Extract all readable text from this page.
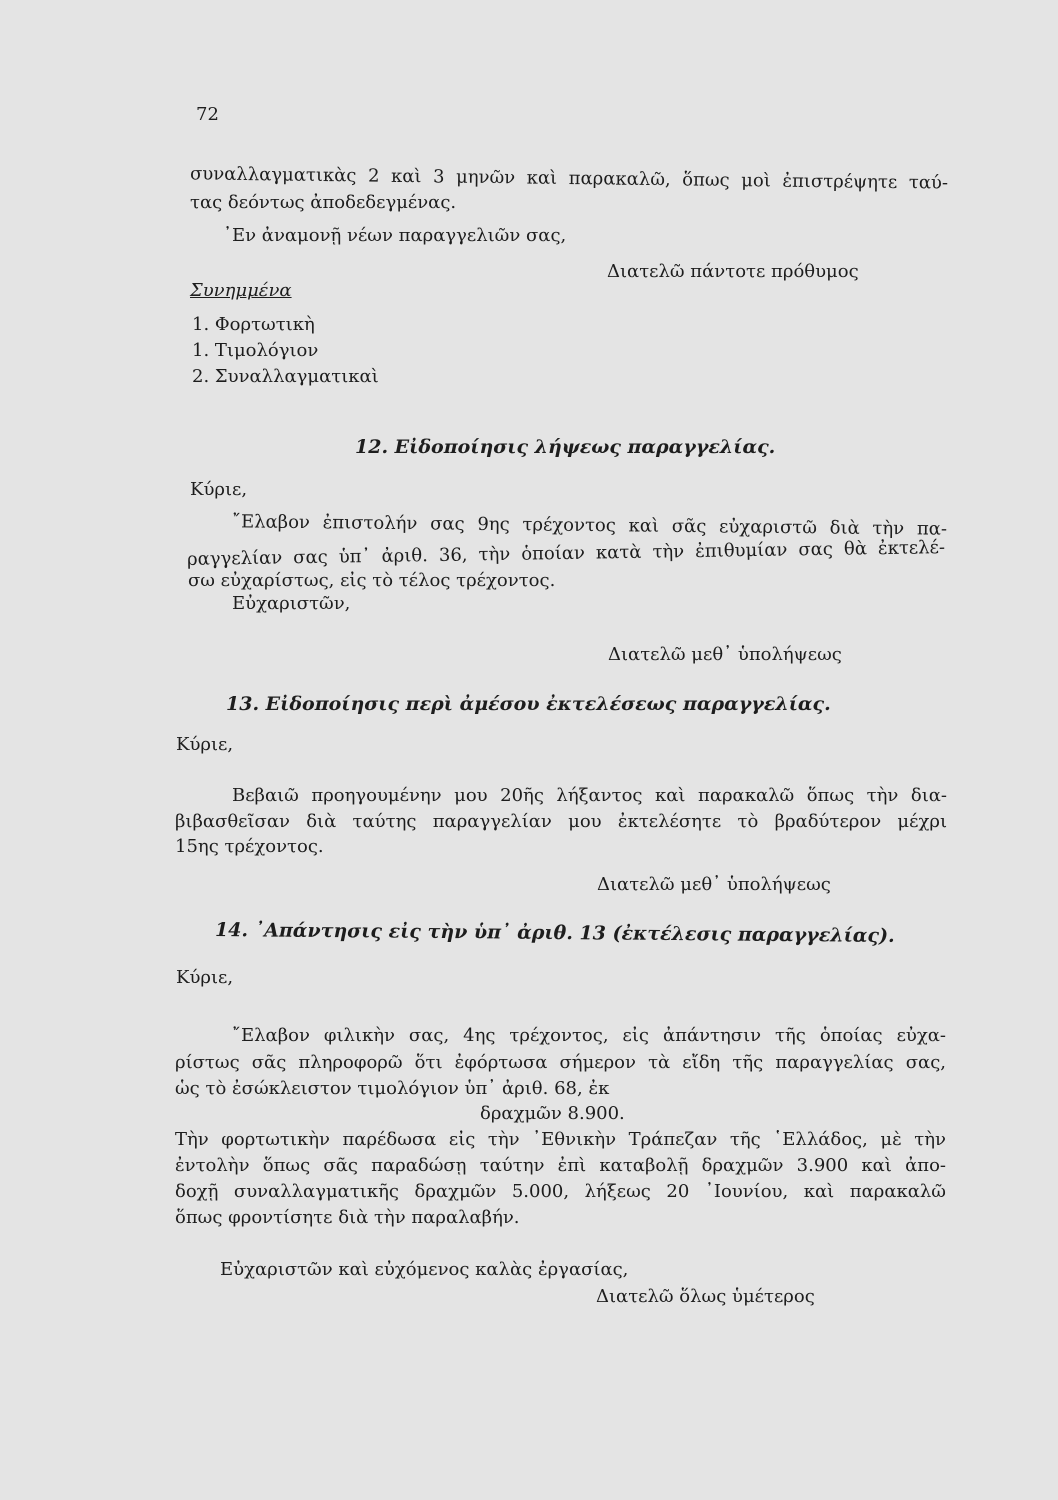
72
συναλλαγματικὰς 2 καὶ 3 μηνῶν καὶ παρακαλῶ, ὅπως μοὶ ἐπιστρέψητε ταύ-
τας δεόντως ἀποδεδεγμένας.
᾿Εν ἀναμονῇ νέων παραγγελιῶν σας,
Διατελῶ πάντοτε πρόθυμος
Συνημμένα
1. Φορτωτικὴ
1. Τιμολόγιον
2. Συναλλαγματικαὶ
12. Εἰδοποίησις λήψεως παραγγελίας.
Κύριε,
῎Ελαβον ἐπιστολήν σας 9ης τρέχοντος καὶ σᾶς εὐχαριστῶ διὰ τὴν πα-
ραγγελίαν σας ὑπ᾿ ἀριθ. 36, τὴν ὁποίαν κατὰ τὴν ἐπιθυμίαν σας θὰ ἐκτελέ-
σω εὐχαρίστως, εἰς τὸ τέλος τρέχοντος.
Εὐχαριστῶν,
Διατελῶ μεθ᾿ ὑπολήψεως
13. Εἰδοποίησις περὶ ἀμέσου ἐκτελέσεως παραγγελίας.
Κύριε,
Βεβαιῶ προηγουμένην μου 20ῆς λήξαντος καὶ παρακαλῶ ὅπως τὴν δια-
βιβασθεῖσαν διὰ ταύτης παραγγελίαν μου ἐκτελέσητε τὸ βραδύτερον μέχρι
15ης τρέχοντος.
Διατελῶ μεθ᾿ ὑπολήψεως
14. ᾿Απάντησις εἰς τὴν ὑπ᾿ ἀριθ. 13 (ἐκτέλεσις παραγγελίας).
Κύριε,
῎Ελαβον φιλικὴν σας, 4ης τρέχοντος, εἰς ἀπάντησιν τῆς ὁποίας εὐχα-
ρίστως σᾶς πληροφορῶ ὅτι ἐφόρτωσα σήμερον τὰ εἴδη τῆς παραγγελίας σας,
ὡς τὸ ἐσώκλειστον τιμολόγιον ὑπ᾿ ἀριθ. 68, ἐκ
δραχμῶν 8.900.
Τὴν φορτωτικὴν παρέδωσα εἰς τὴν ᾿Εθνικὴν Τράπεζαν τῆς ῾Ελλάδος, μὲ τὴν
ἐντολὴν ὅπως σᾶς παραδώσῃ ταύτην ἐπὶ καταβολῇ δραχμῶν 3.900 καὶ ἀπο-
δοχῇ συναλλαγματικῆς δραχμῶν 5.000, λήξεως 20 ᾿Ιουνίου, καὶ παρακαλῶ
ὅπως φροντίσητε διὰ τὴν παραλαβήν.
Εὐχαριστῶν καὶ εὐχόμενος καλὰς ἐργασίας,
Διατελῶ ὅλως ὑμέτερος
